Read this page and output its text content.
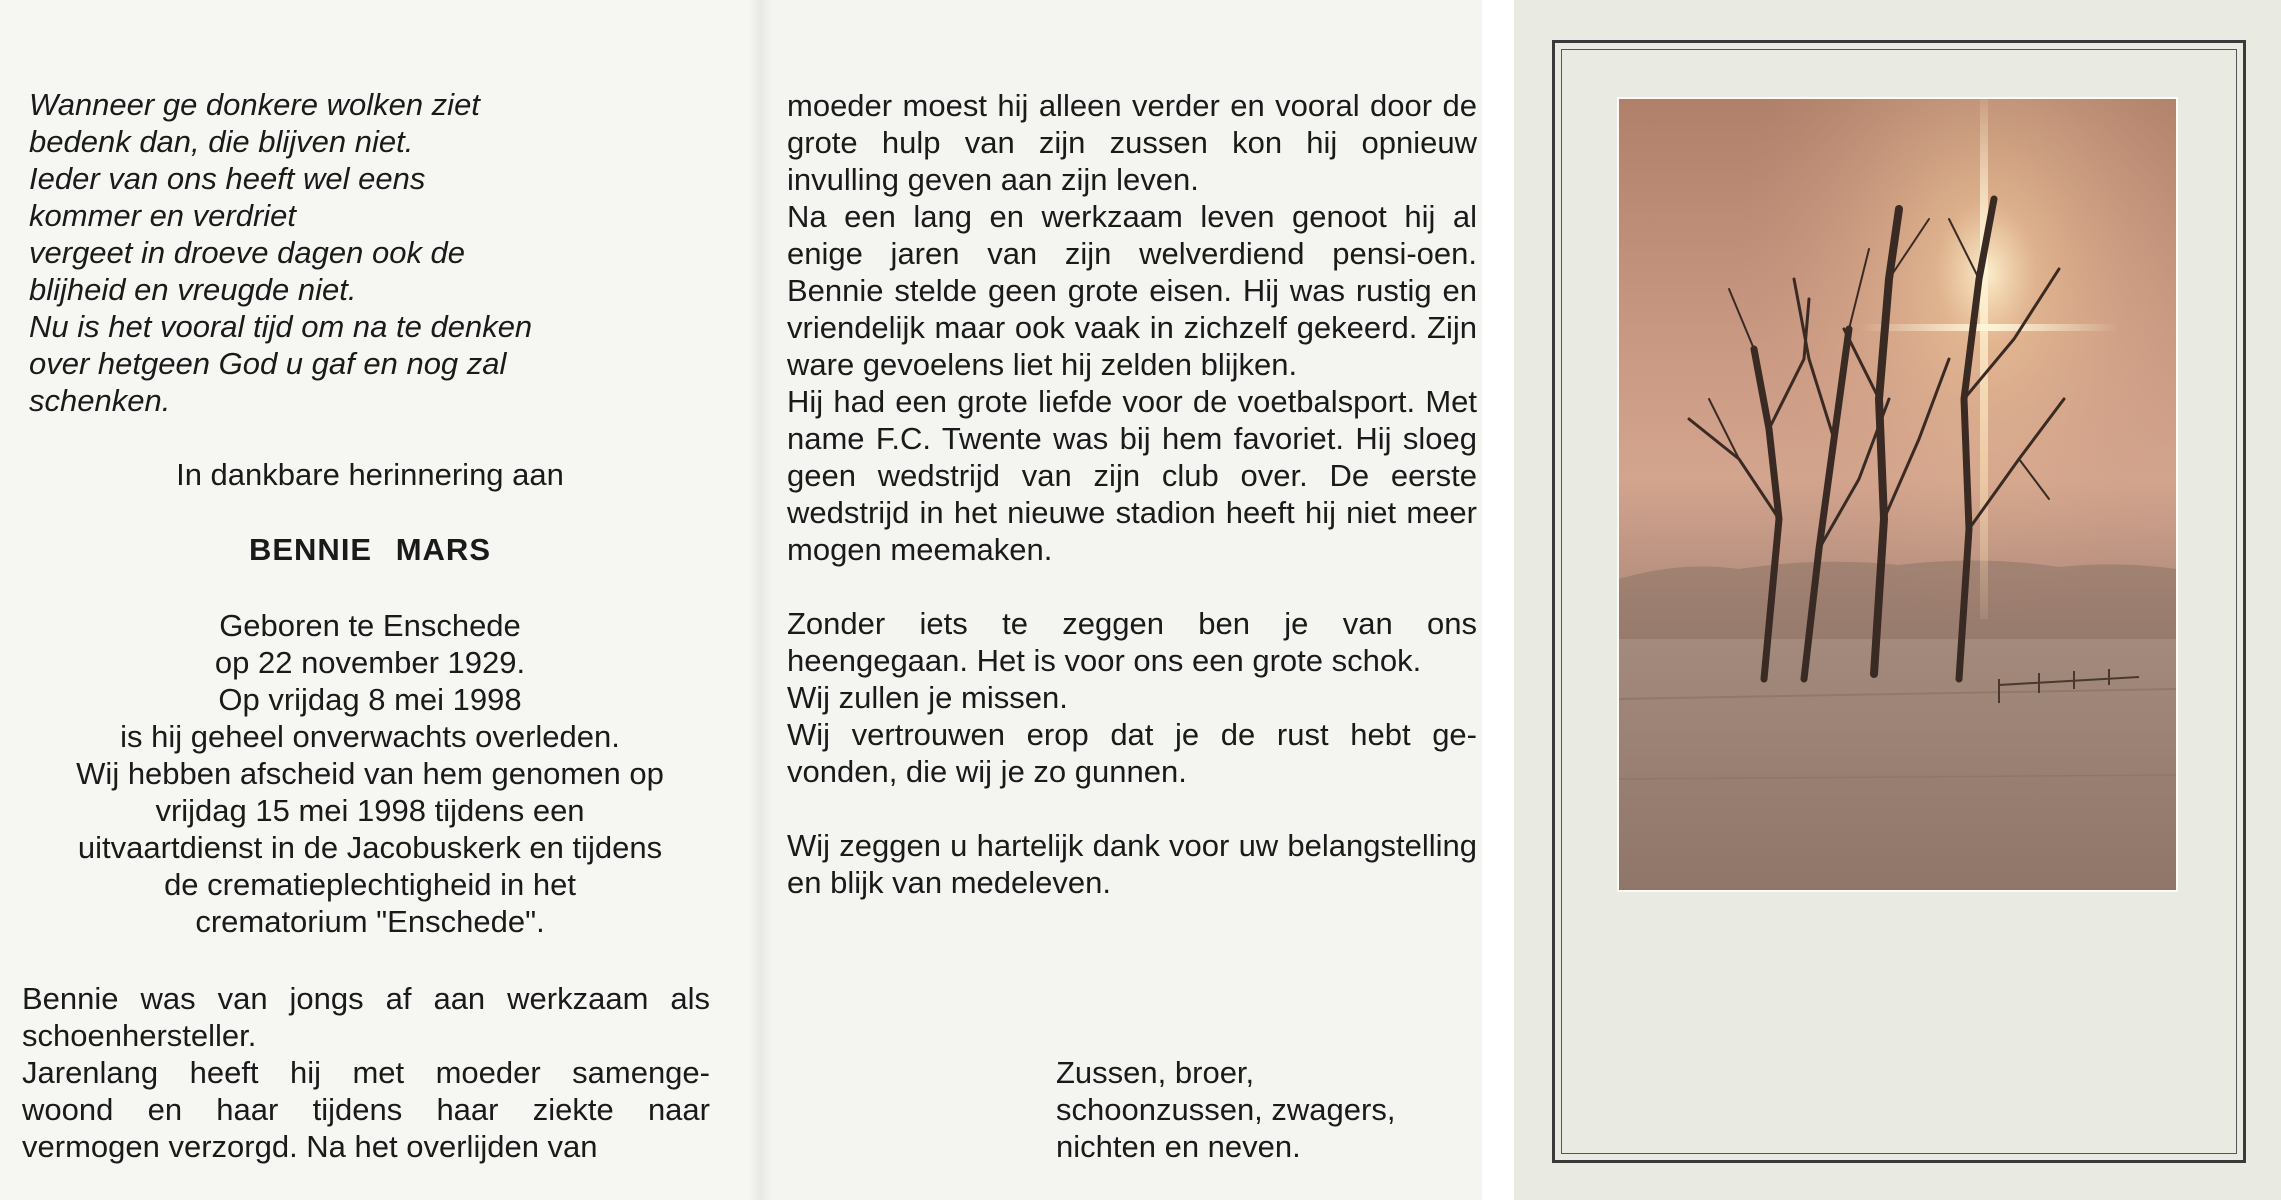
Wanneer ge donkere wolken ziet
bedenk dan, die blijven niet.
Ieder van ons heeft wel eens
kommer en verdriet
vergeet in droeve dagen ook de
blijheid en vreugde niet.
Nu is het vooral tijd om na te denken
over hetgeen God u gaf en nog zal
schenken.
In dankbare herinnering aan
BENNIE MARS
Geboren te Enschede
op 22 november 1929.
Op vrijdag 8 mei 1998
is hij geheel onverwachts overleden.
Wij hebben afscheid van hem genomen op
vrijdag 15 mei 1998 tijdens een
uitvaartdienst in de Jacobuskerk en tijdens
de crematieplechtigheid in het
crematorium "Enschede".
Bennie was van jongs af aan werkzaam als
schoenhersteller.
Jarenlang heeft hij met moeder samenge-
woond en haar tijdens haar ziekte naar
vermogen verzorgd. Na het overlijden van
moeder moest hij alleen verder en vooral door de grote hulp van zijn zussen kon hij opnieuw invulling geven aan zijn leven.
Na een lang en werkzaam leven genoot hij al enige jaren van zijn welverdiend pensi-oen. Bennie stelde geen grote eisen. Hij was rustig en vriendelijk maar ook vaak in zichzelf gekeerd. Zijn ware gevoelens liet hij zelden blijken.
Hij had een grote liefde voor de voetbalsport. Met name F.C. Twente was bij hem favoriet. Hij sloeg geen wedstrijd van zijn club over. De eerste wedstrijd in het nieuwe stadion heeft hij niet meer mogen meemaken.
Zonder iets te zeggen ben je van ons heengegaan. Het is voor ons een grote schok.
Wij zullen je missen.
Wij vertrouwen erop dat je de rust hebt ge-vonden, die wij je zo gunnen.
Wij zeggen u hartelijk dank voor uw belangstelling en blijk van medeleven.
Zussen, broer,
schoonzussen, zwagers,
nichten en neven.
